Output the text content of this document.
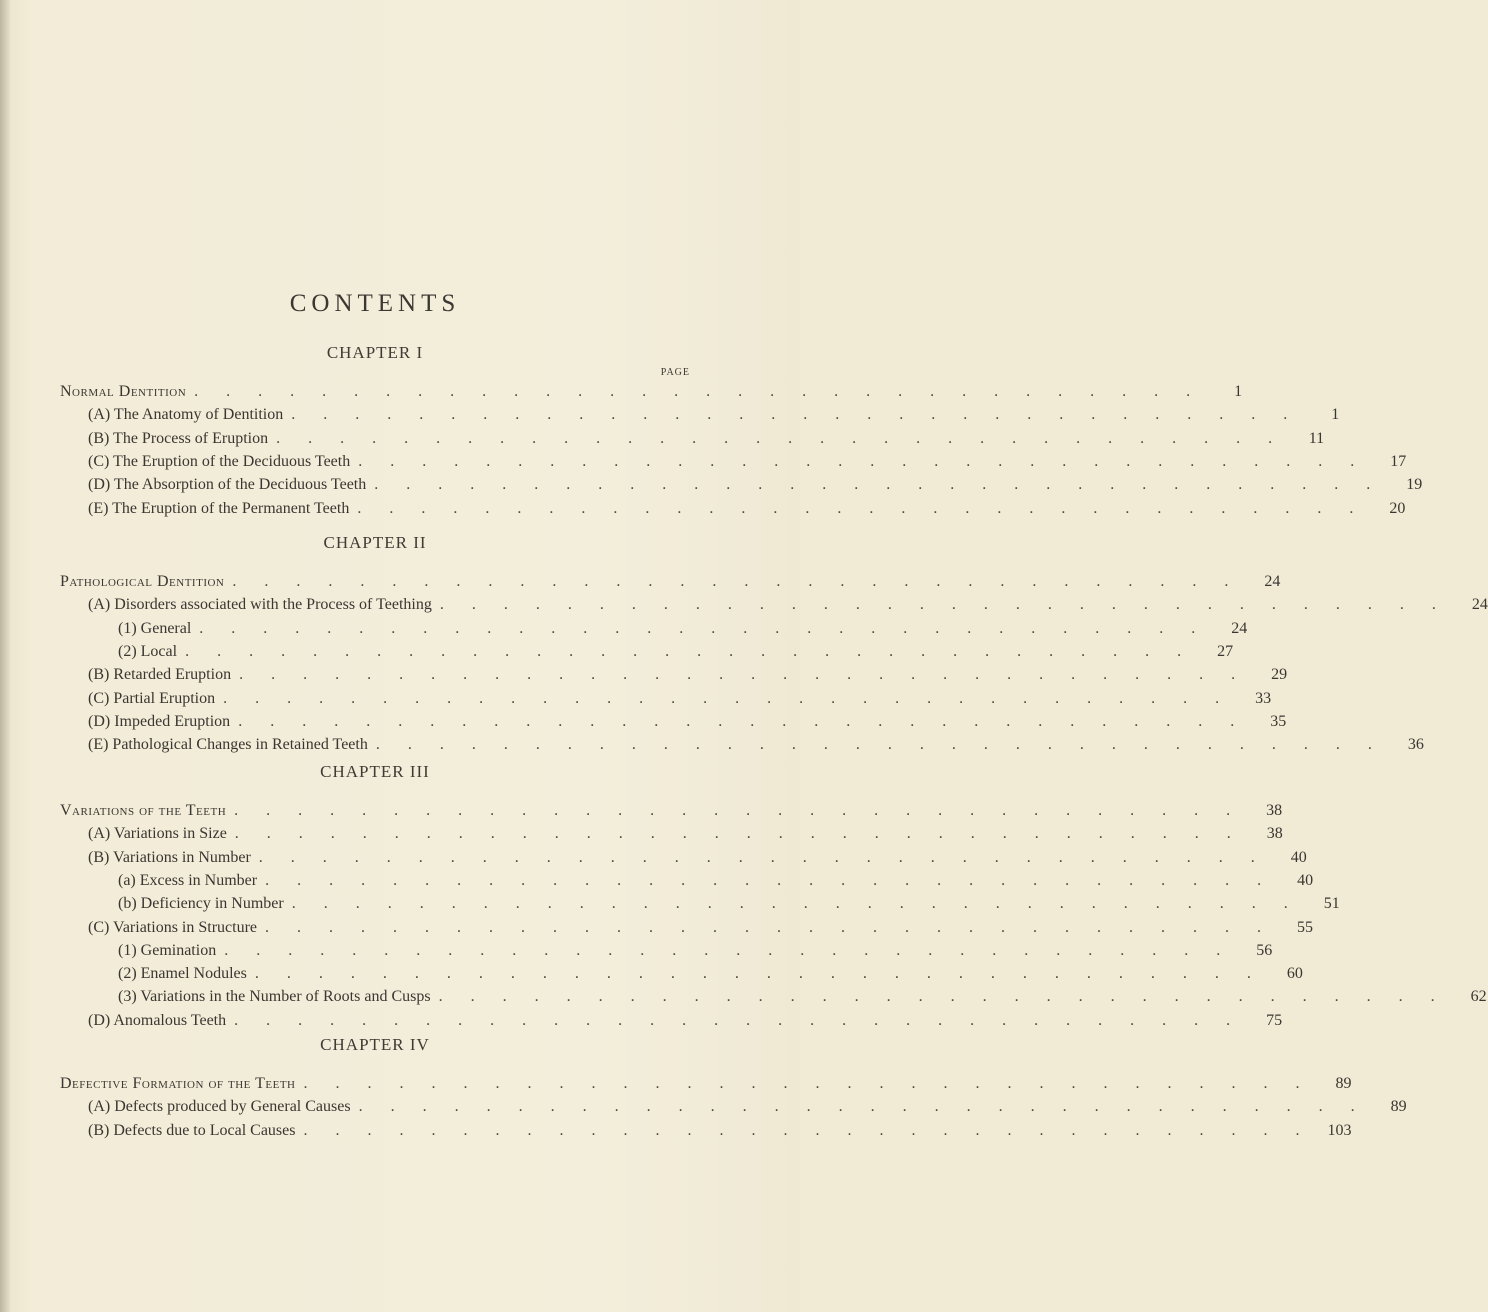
CONTENTS
PAGE
CHAPTER I
Normal Dentition . . . . . . . . . . . . . . . . . . . . . . . . . . . . . . . .	1
(A) The Anatomy of Dentition . . . . . . . . . . . . . . . . . . . . . . . . . . . . . . . .	1
(B) The Process of Eruption . . . . . . . . . . . . . . . . . . . . . . . . . . . . . . . .	11
(C) The Eruption of the Deciduous Teeth . . . . . . . . . . . . . . . . . . . . . . . . . . . . . . . .	17
(D) The Absorption of the Deciduous Teeth . . . . . . . . . . . . . . . . . . . . . . . . . . . . . . . .	19
(E) The Eruption of the Permanent Teeth . . . . . . . . . . . . . . . . . . . . . . . . . . . . . . . .	20
CHAPTER II
Pathological Dentition . . . . . . . . . . . . . . . . . . . . . . . . . . . . . . . .	24
(A) Disorders associated with the Process of Teething . . . . . . . . . . . . . . . . . . . . . . . . . . . . . . . .	24
(1) General . . . . . . . . . . . . . . . . . . . . . . . . . . . . . . . .	24
(2) Local . . . . . . . . . . . . . . . . . . . . . . . . . . . . . . . .	27
(B) Retarded Eruption . . . . . . . . . . . . . . . . . . . . . . . . . . . . . . . .	29
(C) Partial Eruption . . . . . . . . . . . . . . . . . . . . . . . . . . . . . . . .	33
(D) Impeded Eruption . . . . . . . . . . . . . . . . . . . . . . . . . . . . . . . .	35
(E) Pathological Changes in Retained Teeth . . . . . . . . . . . . . . . . . . . . . . . . . . . . . . . .	36
CHAPTER III
Variations of the Teeth . . . . . . . . . . . . . . . . . . . . . . . . . . . . . . . .	38
(A) Variations in Size . . . . . . . . . . . . . . . . . . . . . . . . . . . . . . . .	38
(B) Variations in Number . . . . . . . . . . . . . . . . . . . . . . . . . . . . . . . .	40
(a) Excess in Number . . . . . . . . . . . . . . . . . . . . . . . . . . . . . . . .	40
(b) Deficiency in Number . . . . . . . . . . . . . . . . . . . . . . . . . . . . . . . .	51
(C) Variations in Structure . . . . . . . . . . . . . . . . . . . . . . . . . . . . . . . .	55
(1) Gemination . . . . . . . . . . . . . . . . . . . . . . . . . . . . . . . .	56
(2) Enamel Nodules . . . . . . . . . . . . . . . . . . . . . . . . . . . . . . . .	60
(3) Variations in the Number of Roots and Cusps . . . . . . . . . . . . . . . . . . . . . . . . . . . . . . . .	62
(D) Anomalous Teeth . . . . . . . . . . . . . . . . . . . . . . . . . . . . . . . .	75
CHAPTER IV
Defective Formation of the Teeth . . . . . . . . . . . . . . . . . . . . . . . . . . . . . . . .	89
(A) Defects produced by General Causes . . . . . . . . . . . . . . . . . . . . . . . . . . . . . . . .	89
(B) Defects due to Local Causes . . . . . . . . . . . . . . . . . . . . . . . . . . . . . . . .	103
